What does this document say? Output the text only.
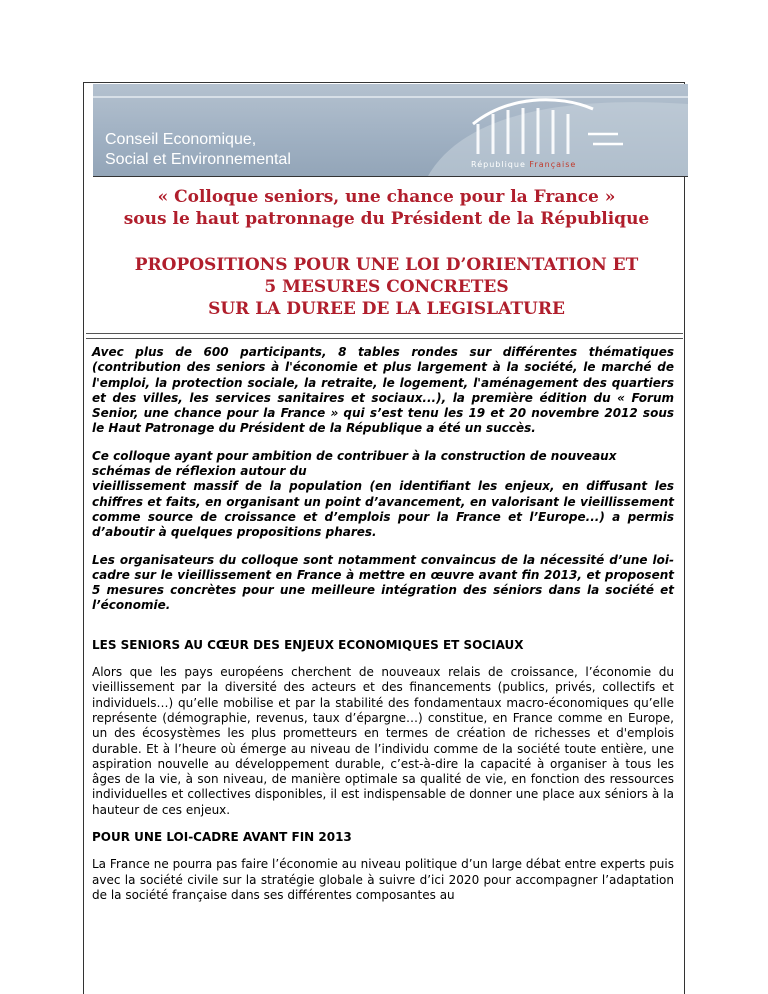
Conseil Economique,
Social et Environnemental	République Française

« Colloque seniors, une chance pour la France »

sous le haut patronnage du Président de la République

PROPOSITIONS POUR UNE LOI D’ORIENTATION ET

5 MESURES CONCRETES

SUR LA DUREE DE LA LEGISLATURE

Avec plus de 600 participants, 8 tables rondes sur différentes thématiques (contribution des seniors à l'économie et plus largement à la société, le marché de l'emploi, la protection sociale, la retraite, le logement, l'aménagement des quartiers et des villes, les services sanitaires et sociaux...), la première édition du « Forum Senior, une chance pour la France » qui s’est tenu les 19 et 20 novembre 2012 sous le Haut Patronage du Président de la République a été un succès.

Ce colloque ayant pour ambition de contribuer à la construction de nouveaux schémas de réflexion autour du

vieillissement massif de la population (en identifiant les enjeux, en diffusant les chiffres et faits, en organisant un point d’avancement, en valorisant le vieillissement comme source de croissance et d’emplois pour la France et l’Europe...) a permis d’aboutir à quelques propositions phares.

Les organisateurs du colloque sont notamment convaincus de la nécessité d’une loi-cadre sur le vieillissement en France à mettre en œuvre avant fin 2013, et proposent 5 mesures concrètes pour une meilleure intégration des séniors dans la société et l’économie.

LES SENIORS AU CŒUR DES ENJEUX ECONOMIQUES ET SOCIAUX

Alors que les pays européens cherchent de nouveaux relais de croissance, l’économie du vieillissement par la diversité des acteurs et des financements (publics, privés, collectifs et individuels…) qu’elle mobilise et par la stabilité des fondamentaux macro-économiques qu’elle représente (démographie, revenus, taux d’épargne…) constitue, en France comme en Europe, un des écosystèmes les plus prometteurs en termes de création de richesses et d'emplois durable. Et à l’heure où émerge au niveau de l’individu comme de la société toute entière, une aspiration nouvelle au développement durable, c’est-à-dire la capacité à organiser à tous les âges de la vie, à son niveau, de manière optimale sa qualité de vie, en fonction des ressources individuelles et collectives disponibles, il est indispensable de donner une place aux séniors à la hauteur de ces enjeux.

POUR UNE LOI-CADRE AVANT FIN 2013

La France ne pourra pas faire l’économie au niveau politique d’un large débat entre experts puis avec la société civile sur la stratégie globale à suivre d’ici 2020 pour accompagner l’adaptation de la société française dans ses différentes composantes au
